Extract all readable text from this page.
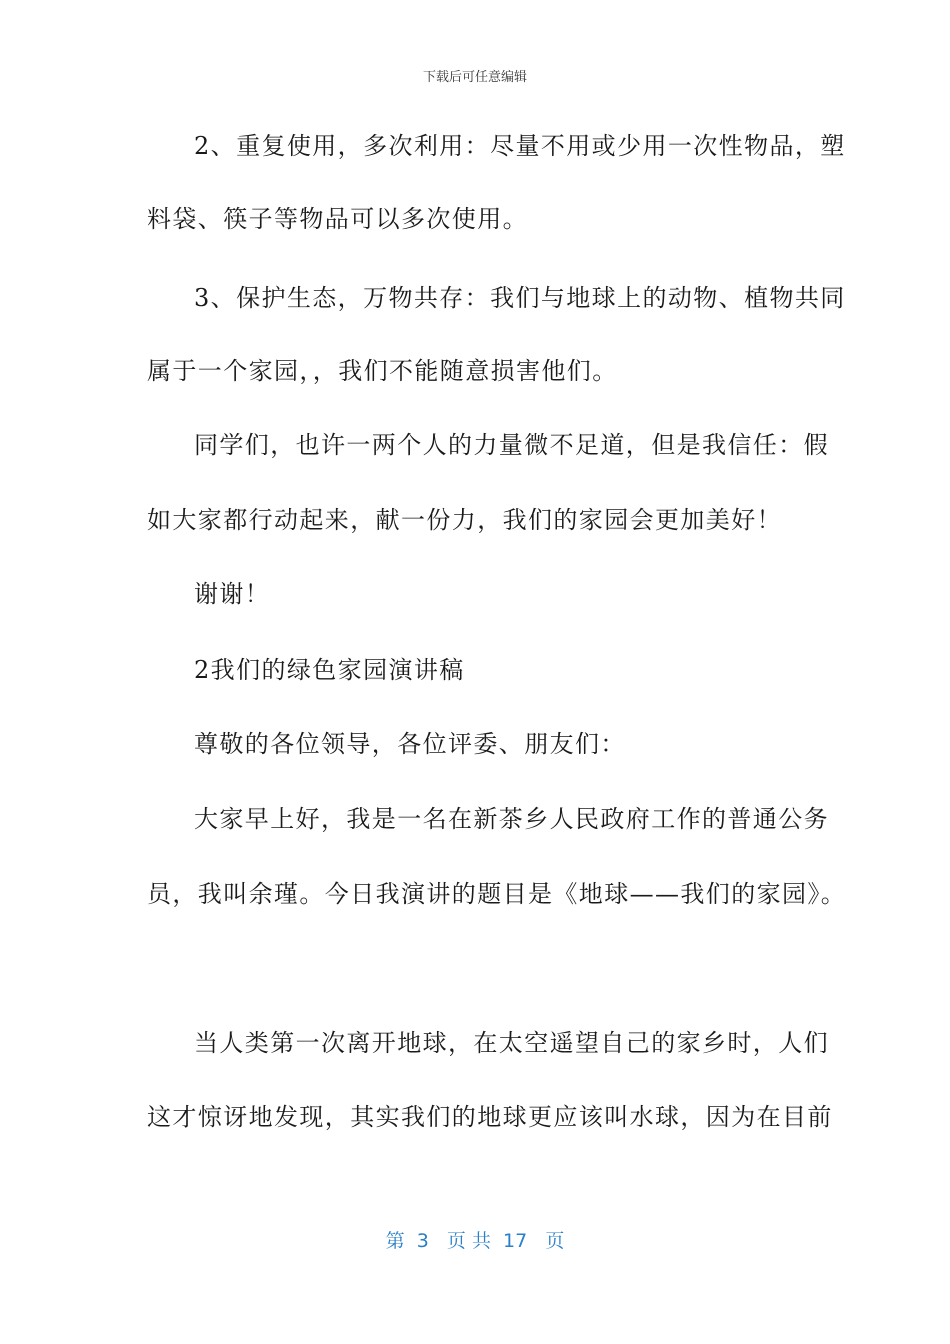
下载后可任意编辑
2、重复使用，多次利用：尽量不用或少用一次性物品，塑
料袋、筷子等物品可以多次使用。
3、保护生态，万物共存：我们与地球上的动物、植物共同
属于一个家园，，我们不能随意损害他们。
同学们，也许一两个人的力量微不足道，但是我信任：假
如大家都行动起来，献一份力，我们的家园会更加美好！
谢谢！
2我们的绿色家园演讲稿
尊敬的各位领导，各位评委、朋友们：
大家早上好，我是一名在新茶乡人民政府工作的普通公务
员，我叫余瑾。今日我演讲的题目是《地球——我们的家园》。
当人类第一次离开地球，在太空遥望自己的家乡时，人们
这才惊讶地发现，其实我们的地球更应该叫水球，因为在目前
第  3   页 共  17   页
